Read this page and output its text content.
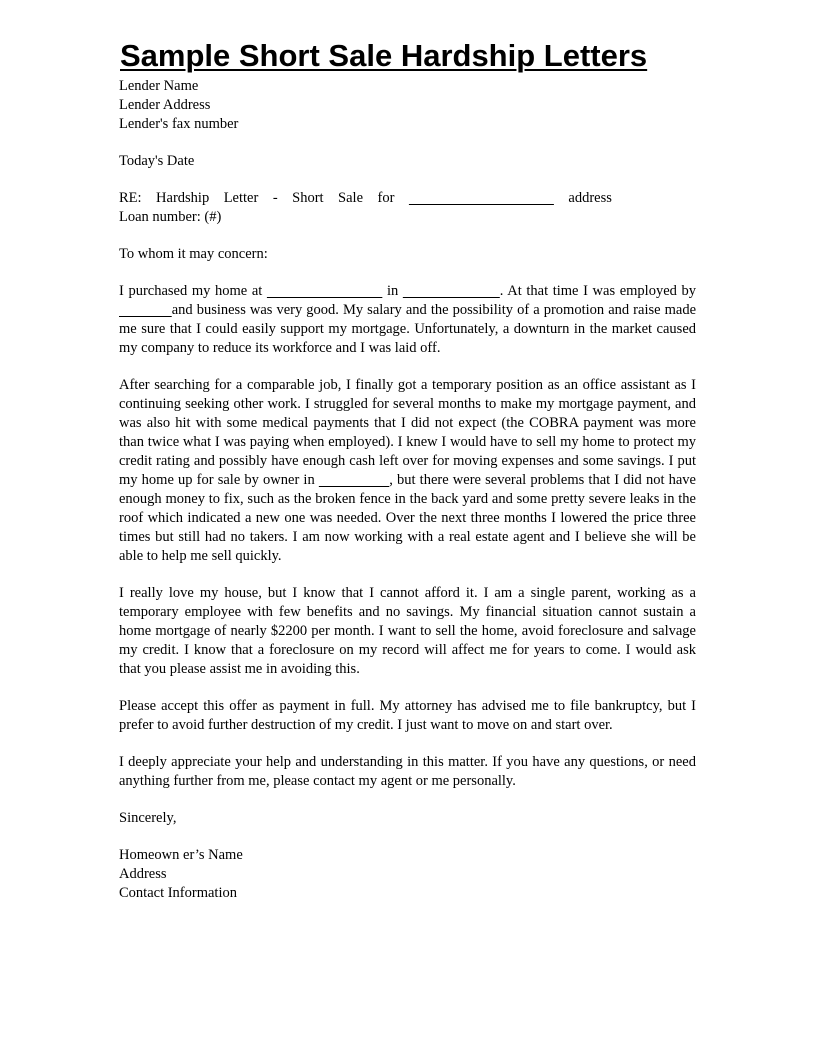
Sample Short Sale Hardship Letters

Lender Name
Lender Address
Lender's fax number

Today's Date

RE: Hardship Letter - Short Sale for
	address
Loan number: (#)

To whom it may concern:

I purchased my home at	in	. At that time I was employed by              and business was very good. My salary and the possibility of a promotion and raise made me sure that I could easily support my mortgage. Unfortunately, a downturn in the market caused my company to reduce its workforce and I was laid off.

After searching for a comparable job, I finally got a temporary position as an office assistant as I continuing seeking other work. I struggled for several months to make my mortgage payment, and was also hit with some medical payments that I did not expect (the COBRA payment was more than twice what I was paying when employed). I knew I would have to sell my home to protect my credit rating and possibly have enough cash left over for moving expenses and some savings. I put my home up for sale by owner in	, but there were several problems that I did not have enough money to fix, such as the broken fence in the back yard and some pretty severe leaks in the roof which indicated a new one was needed. Over the next three months I lowered the price three times but still had no takers. I am now working with a real estate agent and I believe she will be able to help me sell quickly.

I really love my house, but I know that I cannot afford it. I am a single parent, working as a temporary employee with few benefits and no savings. My financial situation cannot sustain a home mortgage of nearly $2200 per month. I want to sell the home, avoid foreclosure and salvage my credit. I know that a foreclosure on my record will affect me for years to come. I would ask that you please assist me in avoiding this.

Please accept this offer as payment in full. My attorney has advised me to file bankruptcy, but I prefer to avoid further destruction of my credit. I just want to move on and start over.

I deeply appreciate your help and understanding in this matter. If you have any questions, or need anything further from me, please contact my agent or me personally.

Sincerely,

Homeown er’s Name
Address
Contact Information
